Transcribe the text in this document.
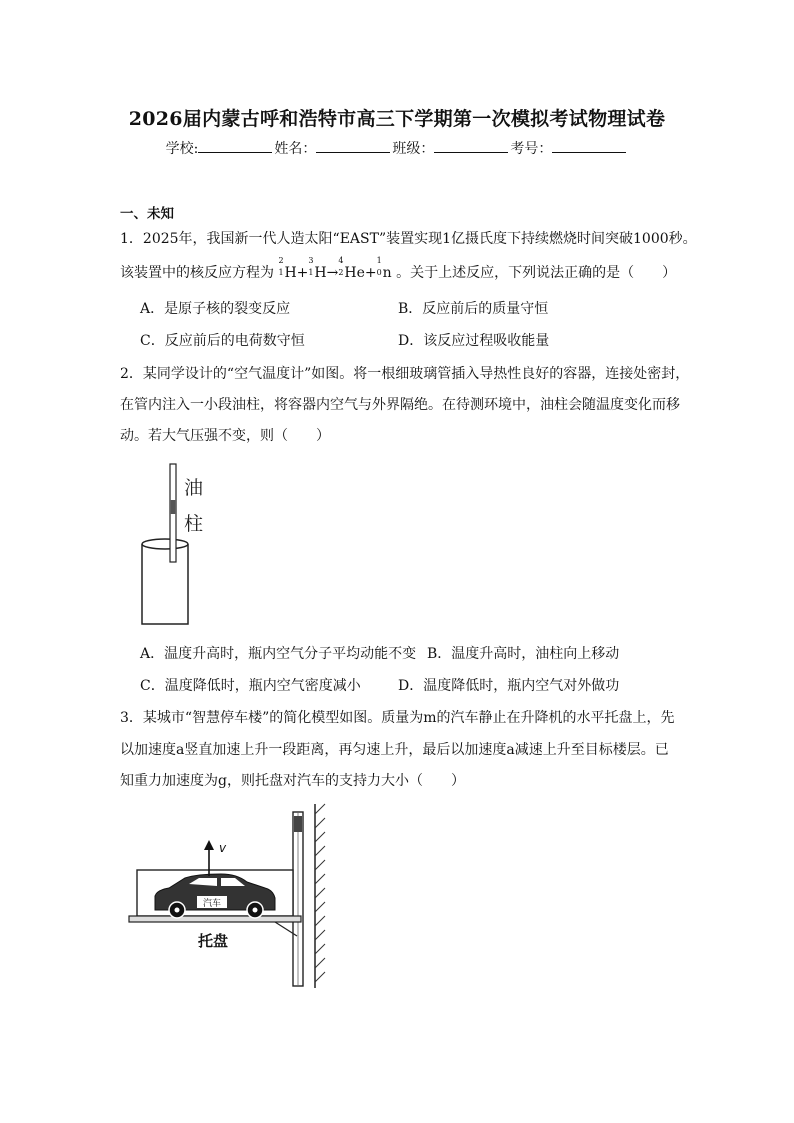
2026届内蒙古呼和浩特市高三下学期第一次模拟考试物理试卷
学校:	姓名：	班级：	考号：
一、未知
1．2025年，我国新一代人造太阳“EAST”装置实现1亿摄氏度下持续燃烧时间突破1000秒。
该装置中的核反应方程为
2
1 H+
3
1 H→
4
2 He+
1
0 n 。关于上述反应，下列说法正确的是（　　）
A．是原子核的裂变反应	B．反应前后的质量守恒
C．反应前后的电荷数守恒	D．该反应过程吸收能量
2．某同学设计的“空气温度计”如图。将一根细玻璃管插入导热性良好的容器，连接处密封，
在管内注入一小段油柱，将容器内空气与外界隔绝。在待测环境中，油柱会随温度变化而移
动。若大气压强不变，则（　　）
油
柱
A．温度升高时，瓶内空气分子平均动能不变 B．温度升高时，油柱向上移动
C．温度降低时，瓶内空气密度减小	D．温度降低时，瓶内空气对外做功
3．某城市“智慧停车楼”的简化模型如图。质量为m的汽车静止在升降机的水平托盘上，先
以加速度a竖直加速上升一段距离，再匀速上升，最后以加速度a减速上升至目标楼层。已
知重力加速度为g，则托盘对汽车的支持力大小（　　）
汽车
v
托盘
